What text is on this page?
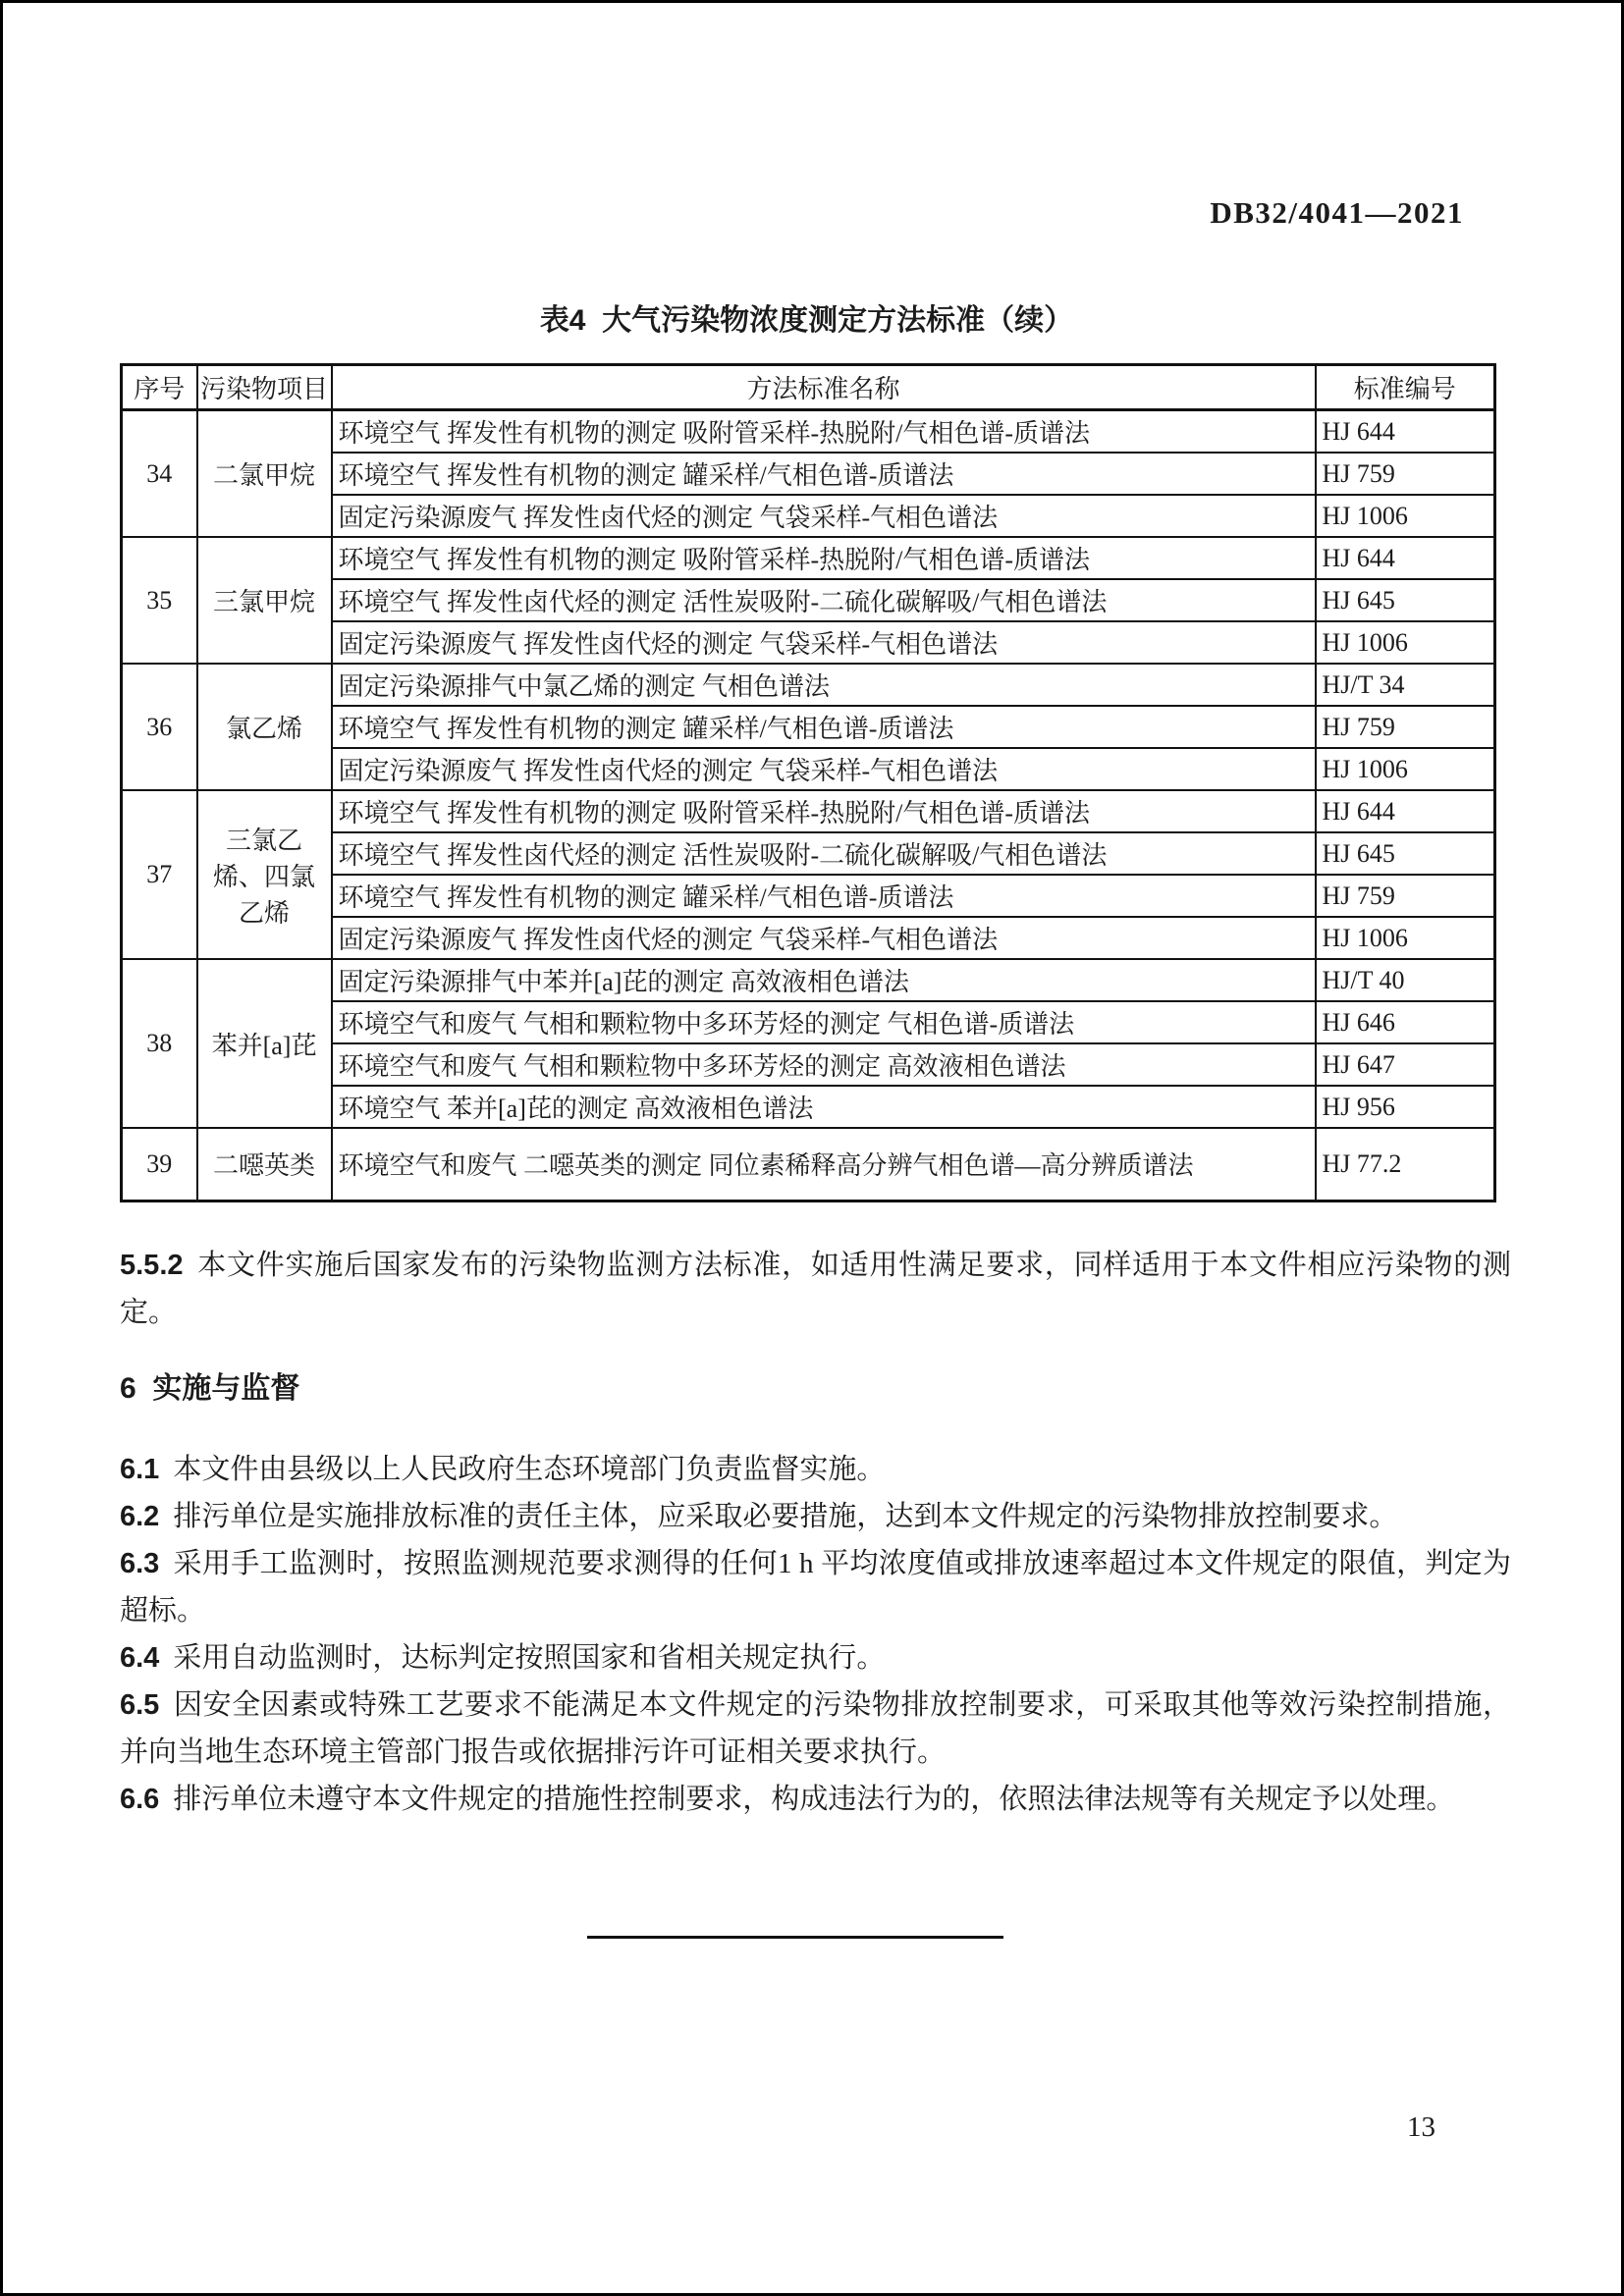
DB32/4041—2021
表4  大气污染物浓度测定方法标准（续）
序号	污染物项目	方法标准名称	标准编号
34	二氯甲烷	环境空气 挥发性有机物的测定 吸附管采样-热脱附/气相色谱-质谱法	HJ 644
		环境空气 挥发性有机物的测定 罐采样/气相色谱-质谱法	HJ 759
		固定污染源废气 挥发性卤代烃的测定 气袋采样-气相色谱法	HJ 1006
35	三氯甲烷	环境空气 挥发性有机物的测定 吸附管采样-热脱附/气相色谱-质谱法	HJ 644
		环境空气 挥发性卤代烃的测定 活性炭吸附-二硫化碳解吸/气相色谱法	HJ 645
		固定污染源废气 挥发性卤代烃的测定 气袋采样-气相色谱法	HJ 1006
36	氯乙烯	固定污染源排气中氯乙烯的测定 气相色谱法	HJ/T 34
		环境空气 挥发性有机物的测定 罐采样/气相色谱-质谱法	HJ 759
		固定污染源废气 挥发性卤代烃的测定 气袋采样-气相色谱法	HJ 1006
37	三氯乙烯、四氯乙烯	环境空气 挥发性有机物的测定 吸附管采样-热脱附/气相色谱-质谱法	HJ 644
		环境空气 挥发性卤代烃的测定 活性炭吸附-二硫化碳解吸/气相色谱法	HJ 645
		环境空气 挥发性有机物的测定 罐采样/气相色谱-质谱法	HJ 759
		固定污染源废气 挥发性卤代烃的测定 气袋采样-气相色谱法	HJ 1006
38	苯并[a]芘	固定污染源排气中苯并[a]芘的测定 高效液相色谱法	HJ/T 40
		环境空气和废气 气相和颗粒物中多环芳烃的测定 气相色谱-质谱法	HJ 646
		环境空气和废气 气相和颗粒物中多环芳烃的测定 高效液相色谱法	HJ 647
		环境空气 苯并[a]芘的测定 高效液相色谱法	HJ 956
39	二噁英类	环境空气和废气 二噁英类的测定 同位素稀释高分辨气相色谱—高分辨质谱法	HJ 77.2
5.5.2 本文件实施后国家发布的污染物监测方法标准，如适用性满足要求，同样适用于本文件相应污染物的测定。
6  实施与监督
6.1 本文件由县级以上人民政府生态环境部门负责监督实施。
6.2 排污单位是实施排放标准的责任主体，应采取必要措施，达到本文件规定的污染物排放控制要求。
6.3 采用手工监测时，按照监测规范要求测得的任何1 h 平均浓度值或排放速率超过本文件规定的限值，判定为超标。
6.4 采用自动监测时，达标判定按照国家和省相关规定执行。
6.5 因安全因素或特殊工艺要求不能满足本文件规定的污染物排放控制要求，可采取其他等效污染控制措施，并向当地生态环境主管部门报告或依据排污许可证相关要求执行。
6.6 排污单位未遵守本文件规定的措施性控制要求，构成违法行为的，依照法律法规等有关规定予以处理。
13
